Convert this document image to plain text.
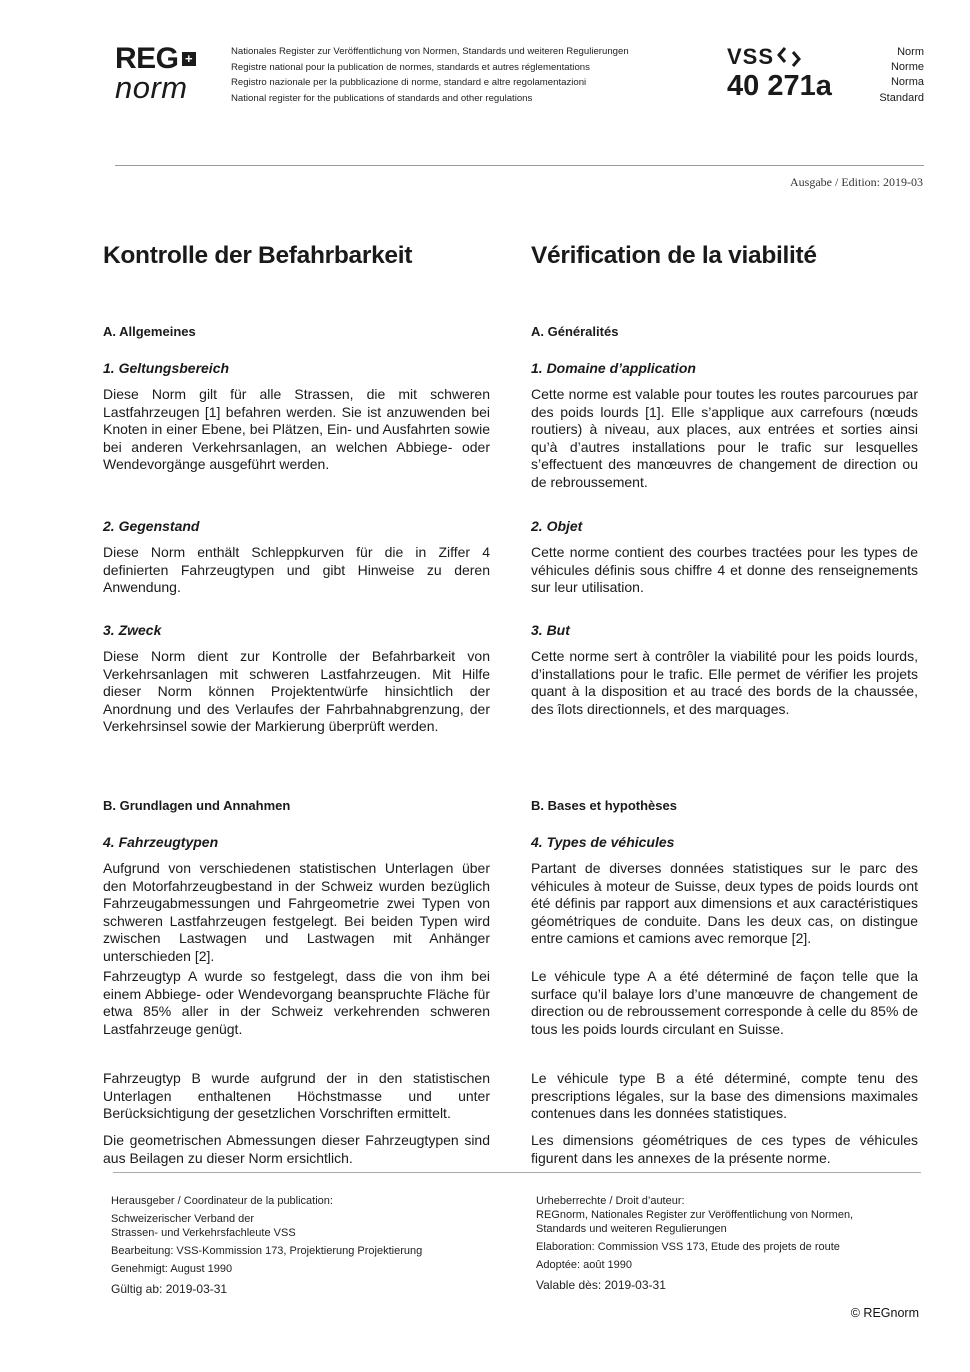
REG +
norm
Nationales Register zur Veröffentlichung von Normen, Standards und weiteren Regulierungen
Registre national pour la publication de normes, standards et autres réglementations
Registro nazionale per la pubblicazione di norme, standard e altre regolamentazioni
National register for the publications of standards and other regulations
VSS
40 271a
Norm
Norme
Norma
Standard
Ausgabe / Edition: 2019-03
Kontrolle der Befahrbarkeit
A. Allgemeines
1. Geltungsbereich

Diese Norm gilt für alle Strassen, die mit schweren Lastfahrzeugen [1] befahren werden. Sie ist anzuwenden bei Knoten in einer Ebene, bei Plätzen, Ein- und Ausfahrten sowie bei anderen Verkehrsanlagen, an welchen Abbiege- oder Wendevorgänge ausgeführt werden.

2. Gegenstand

Diese Norm enthält Schleppkurven für die in Ziffer 4 definierten Fahrzeugtypen und gibt Hinweise zu deren Anwendung.

3. Zweck

Diese Norm dient zur Kontrolle der Befahrbarkeit von Verkehrsanlagen mit schweren Lastfahrzeugen. Mit Hilfe dieser Norm können Projektentwürfe hinsichtlich der Anordnung und des Verlaufes der Fahrbahnabgrenzung, der Verkehrsinsel sowie der Markierung überprüft werden.

B. Grundlagen und Annahmen
4. Fahrzeugtypen

Aufgrund von verschiedenen statistischen Unterlagen über den Motorfahrzeugbestand in der Schweiz wurden bezüglich Fahrzeugabmessungen und Fahrgeometrie zwei Typen von schweren Lastfahrzeugen festgelegt. Bei beiden Typen wird zwischen Lastwagen und Lastwagen mit Anhänger unterschieden [2].

Fahrzeugtyp A wurde so festgelegt, dass die von ihm bei einem Abbiege- oder Wendevorgang beanspruchte Fläche für etwa 85% aller in der Schweiz verkehrenden schweren Lastfahrzeuge genügt.

Fahrzeugtyp B wurde aufgrund der in den statistischen Unterlagen enthaltenen Höchstmasse und unter Berücksichtigung der gesetzlichen Vorschriften ermittelt.

Die geometrischen Abmessungen dieser Fahrzeugtypen sind aus Beilagen zu dieser Norm ersichtlich.

Vérification de la viabilité
A. Généralités
1. Domaine d’application

Cette norme est valable pour toutes les routes parcourues par des poids lourds [1]. Elle s’applique aux carrefours (nœuds routiers) à niveau, aux places, aux entrées et sorties ainsi qu’à d’autres installations pour le trafic sur lesquelles s’effectuent des manœuvres de changement de direction ou de rebroussement.

2. Objet

Cette norme contient des courbes tractées pour les types de véhicules définis sous chiffre 4 et donne des renseignements sur leur utilisation.

3. But

Cette norme sert à contrôler la viabilité pour les poids lourds, d’installations pour le trafic. Elle permet de vérifier les projets quant à la disposition et au tracé des bords de la chaussée, des îlots directionnels, et des marquages.

B. Bases et hypothèses
4. Types de véhicules

Partant de diverses données statistiques sur le parc des véhicules à moteur de Suisse, deux types de poids lourds ont été définis par rapport aux dimensions et aux caractéristiques géométriques de conduite. Dans les deux cas, on distingue entre camions et camions avec remorque [2].

Le véhicule type A a été déterminé de façon telle que la surface qu’il balaye lors d’une manœuvre de changement de direction ou de rebroussement corresponde à celle du 85% de tous les poids lourds circulant en Suisse.

Le véhicule type B a été déterminé, compte tenu des prescriptions légales, sur la base des dimensions maximales contenues dans les données statistiques.

Les dimensions géométriques de ces types de véhicules figurent dans les annexes de la présente norme.

Herausgeber / Coordinateur de la publication:
Schweizerischer Verband der
Strassen- und Verkehrsfachleute VSS
Bearbeitung: VSS-Kommission 173, Projektierung Projektierung
Genehmigt: August 1990
Gültig ab: 2019-03-31
Urheberrechte / Droit d’auteur:
REGnorm, Nationales Register zur Veröffentlichung von Normen,
Standards und weiteren Regulierungen
Elaboration: Commission VSS 173, Etude des projets de route
Adoptée: août 1990
Valable dès: 2019-03-31
© REGnorm
